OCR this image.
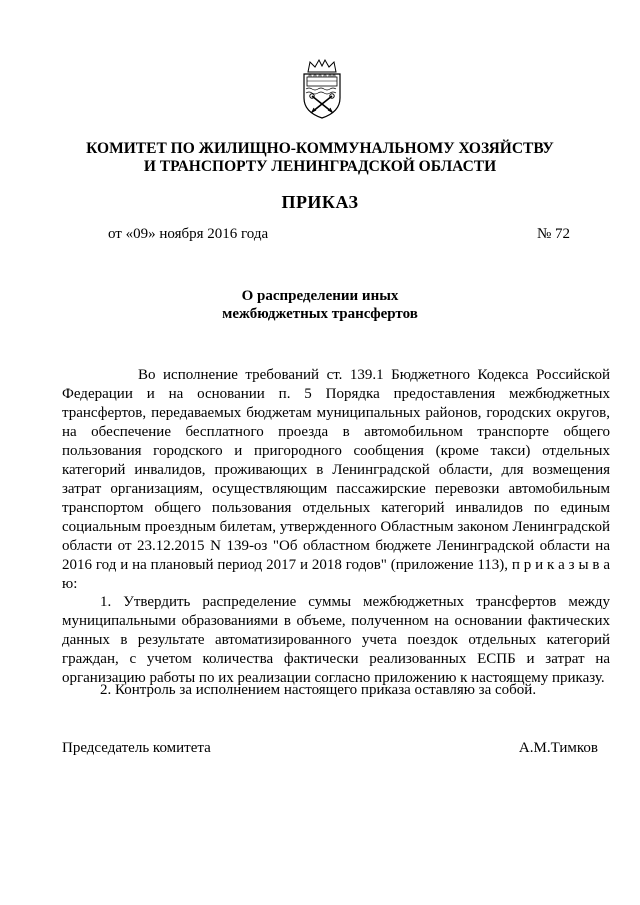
КОМИТЕТ ПО ЖИЛИЩНО-КОММУНАЛЬНОМУ ХОЗЯЙСТВУ
И ТРАНСПОРТУ ЛЕНИНГРАДСКОЙ ОБЛАСТИ
ПРИКАЗ
от «09» ноября 2016 года	№ 72
О распределении иных
межбюджетных трансфертов

Во исполнение требований ст. 139.1 Бюджетного Кодекса Российской Федерации и на основании п. 5 Порядка предоставления межбюджетных трансфертов, передаваемых бюджетам муниципальных районов, городских округов, на обеспечение бесплатного проезда в автомобильном транспорте общего пользования городского и пригородного сообщения (кроме такси) отдельных категорий инвалидов, проживающих в Ленинградской области, для возмещения затрат организациям, осуществляющим пассажирские перевозки автомобильным транспортом общего пользования отдельных категорий инвалидов по единым социальным проездным билетам, утвержденного Областным законом Ленинградской области от 23.12.2015 N 139-оз "Об областном бюджете Ленинградской области на 2016 год и на плановый период 2017 и 2018 годов" (приложение 113), п р и к а з ы в а ю:

1. Утвердить распределение суммы межбюджетных трансфертов между муниципальными образованиями в объеме, полученном на основании фактических данных в результате автоматизированного учета поездок отдельных категорий граждан, с учетом количества фактически реализованных ЕСПБ и затрат на организацию работы по их реализации согласно приложению к настоящему приказу.

2. Контроль за исполнением настоящего приказа оставляю за собой.

Председатель комитета	А.М.Тимков
